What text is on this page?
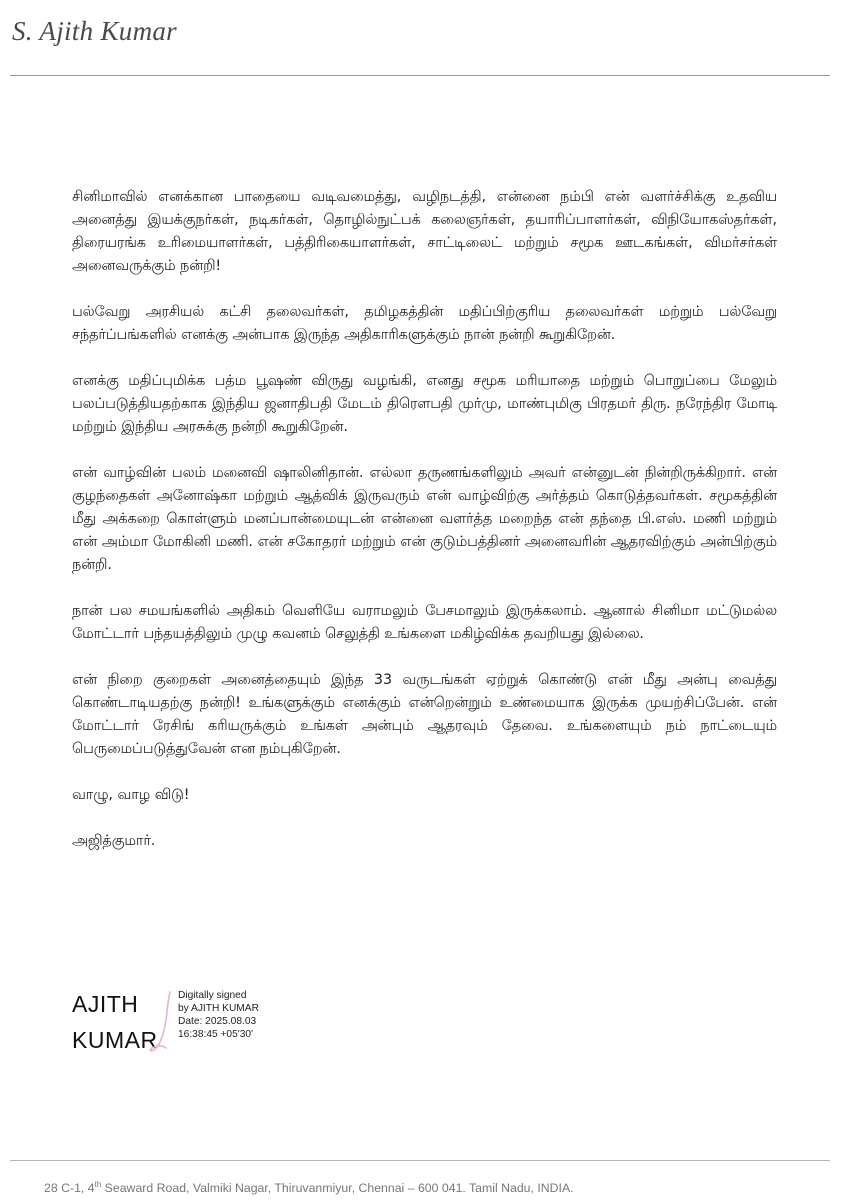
S. Ajith Kumar

சினிமாவில் எனக்கான பாதையை வடிவமைத்து, வழிநடத்தி, என்னை நம்பி என் வளர்ச்சிக்கு உதவிய அனைத்து இயக்குநர்கள், நடிகர்கள், தொழில்நுட்பக் கலைஞர்கள், தயாரிப்பாளர்கள், விநியோகஸ்தர்கள், திரையரங்க உரிமையாளர்கள், பத்திரிகையாளர்கள், சாட்டிலைட் மற்றும் சமூக ஊடகங்கள், விமர்சர்கள் அனைவருக்கும் நன்றி!

பல்வேறு அரசியல் கட்சி தலைவர்கள், தமிழகத்தின் மதிப்பிற்குரிய தலைவர்கள் மற்றும் பல்வேறு சந்தர்ப்பங்களில் எனக்கு அன்பாக இருந்த அதிகாரிகளுக்கும் நான் நன்றி கூறுகிறேன்.

எனக்கு மதிப்புமிக்க பத்ம பூஷண் விருது வழங்கி, எனது சமூக மரியாதை மற்றும் பொறுப்பை மேலும் பலப்படுத்தியதற்காக இந்திய ஜனாதிபதி மேடம் திரௌபதி முர்மு, மாண்புமிகு பிரதமர் திரு. நரேந்திர மோடி மற்றும் இந்திய அரசுக்கு நன்றி கூறுகிறேன்.

என் வாழ்வின் பலம் மனைவி ஷாலினிதான். எல்லா தருணங்களிலும் அவர் என்னுடன் நின்றிருக்கிறார். என் குழந்தைகள் அனோஷ்கா மற்றும் ஆத்விக் இருவரும் என் வாழ்விற்கு அர்த்தம் கொடுத்தவர்கள். சமூகத்தின் மீது அக்கறை கொள்ளும் மனப்பான்மையுடன் என்னை வளர்த்த மறைந்த என் தந்தை பி.எஸ். மணி மற்றும் என் அம்மா மோகினி மணி. என் சகோதரர் மற்றும் என் குடும்பத்தினர் அனைவரின் ஆதரவிற்கும் அன்பிற்கும் நன்றி.

நான் பல சமயங்களில் அதிகம் வெளியே வராமலும் பேசமாலும் இருக்கலாம். ஆனால் சினிமா மட்டுமல்ல மோட்டார் பந்தயத்திலும் முழு கவனம் செலுத்தி உங்களை மகிழ்விக்க தவறியது இல்லை.

என் நிறை குறைகள் அனைத்தையும் இந்த 33 வருடங்கள் ஏற்றுக் கொண்டு என் மீது அன்பு வைத்து கொண்டாடியதற்கு நன்றி! உங்களுக்கும் எனக்கும் என்றென்றும் உண்மையாக இருக்க முயற்சிப்பேன். என் மோட்டார் ரேசிங் கரியருக்கும் உங்கள் அன்பும் ஆதரவும் தேவை. உங்களையும் நம் நாட்டையும் பெருமைப்படுத்துவேன் என நம்புகிறேன்.

வாழு, வாழ விடு!

அஜித்குமார்.

AJITH
KUMAR
Digitally signed
by AJITH KUMAR
Date: 2025.08.03
16:38:45 +05'30'
28 C-1, 4th Seaward Road, Valmiki Nagar, Thiruvanmiyur, Chennai – 600 041. Tamil Nadu, INDIA.
